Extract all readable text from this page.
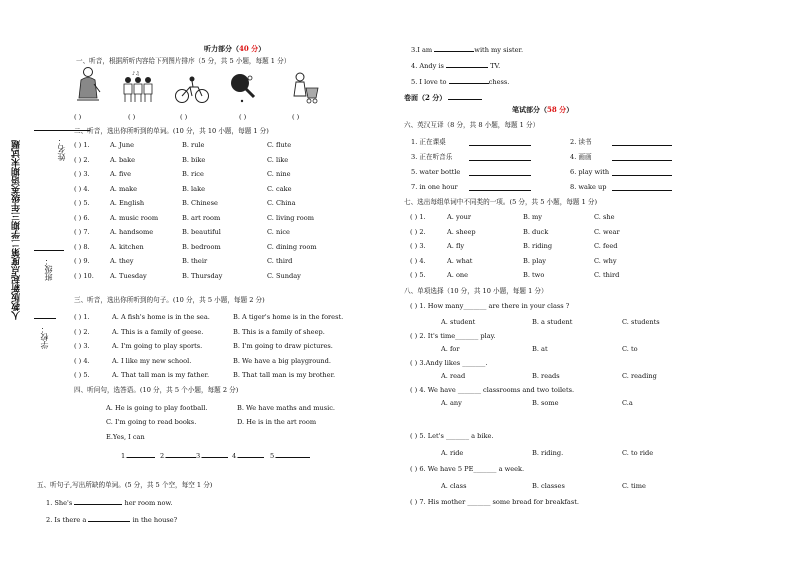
人教版新起点度第二学期三年级英语期末试题
学校：
班级：
姓名：
听力部分（40 分）
一、听音，根据所听内容给下列图片排序（5 分，共 5 小题，每题 1 分）
♪♫
( )	( )	( )	( )	( )
二、听音，选出你所听到的单词。(10 分，共 10 小题，每题 1 分)
( ) 1.	A. June	B. rule	C. flute
( ) 2.	A. bake	B. bike	C. like
( ) 3.	A. five	B. rice	C. nine
( ) 4.	A. make	B. lake	C. cake
( ) 5.	A. English	B. Chinese	C. China
( ) 6.	A. music room	B. art room	C. living room
( ) 7.	A. handsome	B. beautiful	C. nice
( ) 8.	A. kitchen	B. bedroom	C. dining room
( ) 9.	A. they	B. their	C. third
( ) 10. A. Tuesday	B. Thursday	C. Sunday
三、听音，选出你所听到的句子。(10 分，共 5 小题，每题 2 分)
( ) 1.	A. A fish's home is in the sea.	B. A tiger's home is in the forest.
( ) 2.	A. This is a family of geese.	B. This is a family of sheep.
( ) 3.	A. I'm going to play sports.	B. I'm going to draw pictures.
( ) 4.	A. I like my new school.	B. We have a big playground.
( ) 5.	A. That tall man is my father.	B. That tall man is my brother.
四、听问句，选答语。(10 分，共 5 个小题，每题 2 分)
A. He is going to play football.	B. We have maths and music.
C. I'm going to read books.	D. He is in the art room
E.Yes, I can
1.	2.	3.	4.	5.
五、听句子,写出所缺的单词。(5 分，共 5 个空，每空 1 分)
1. She's	her room now.
2. Is there a	in the house?
3.I am	with my sister.
4. Andy is	TV.
5. I love to	chess.
卷面（2 分）
笔试部分（58 分）
六、英汉互译（8 分，共 8 小题，每题 1 分）
1. 正在课桌	2. 读书
3. 正在听音乐	4. 画画
5. water bottle	6. play with
7. in one hour	8. wake up
七、选出每组单词中不同类的一项。(5 分，共 5 小题，每题 1 分)
( ) 1.	A. your	B. my	C. she
( ) 2.	A. sheep	B. duck	C. wear
( ) 3.	A. fly	B. riding	C. feed
( ) 4.	A. what	B. play	C. why
( ) 5.	A. one	B. two	C. third
八、单项选择（10 分，共 10 小题，每题 1 分）
( ) 1. How many_______ are there in your class ?
A. student	B. a student	C. students
( ) 2. It's time_______ play.
A. for	B. at	C. to
( ) 3.Andy likes _______.
A. read	B. reads	C. reading
( ) 4. We have _______ classrooms and two toilets.
A. any	B. some	C.a
( ) 5. Let's _______ a bike.
A. ride	B. riding.	C. to ride
( ) 6. We have 5 PE_______ a week.
A. class	B. classes	C. time
( ) 7. His mother _______ some bread for breakfast.
